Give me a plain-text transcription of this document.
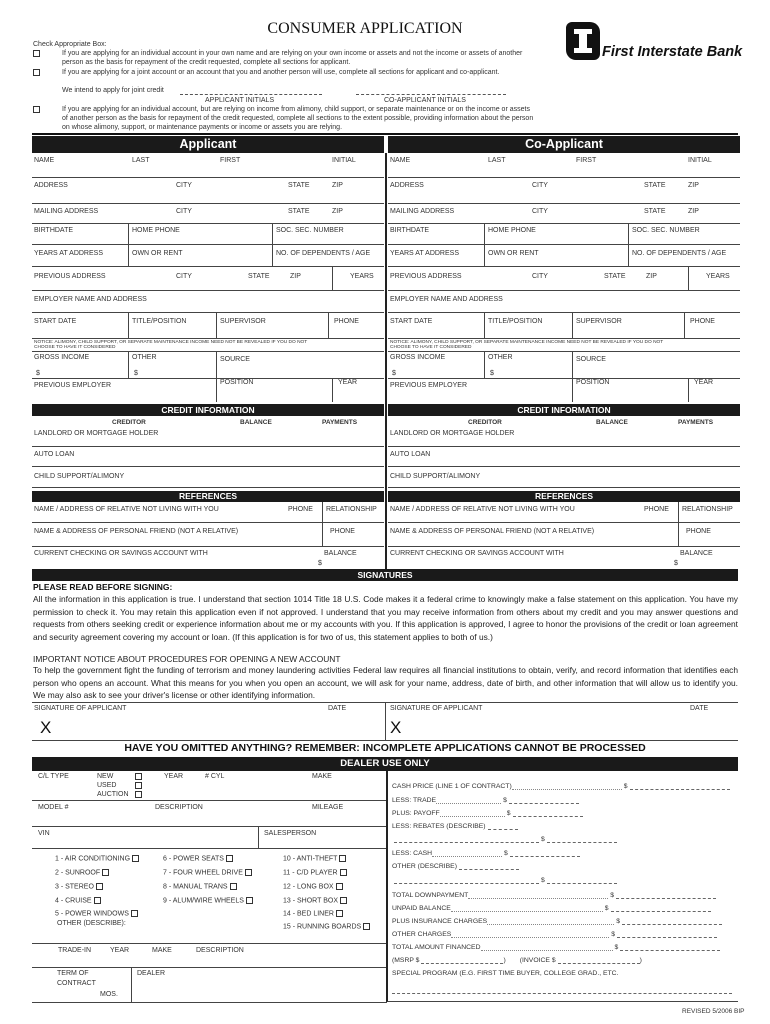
CONSUMER APPLICATION
First Interstate Bank
Check Appropriate Box:
If you are applying for an individual account in your own name and are relying on your own income or assets and not the income or assets of another
person as the basis for repayment of the credit requested, complete all sections for applicant.
If you are applying for a joint account or an account that you and another person will use, complete all sections for applicant and co-applicant.
We intend to apply for joint credit
APPLICANT INITIALS	CO-APPLICANT INITIALS
If you are applying for an individual account, but are relying on income from alimony, child support, or separate maintenance or on the income or assets
of another person as the basis for repayment of the credit requested, complete all sections to the extent possible, providing information about the person
on whose alimony, support, or maintenance payments or income or assets you are relying.
Applicant
NAME	LAST	FIRST	INITIAL
ADDRESS	CITY	STATE	ZIP
MAILING ADDRESS	CITY	STATE	ZIP
BIRTHDATE	HOME PHONE	SOC. SEC. NUMBER
YEARS AT ADDRESS	OWN OR RENT	NO. OF DEPENDENTS / AGE
PREVIOUS ADDRESS	CITY	STATE	ZIP	YEARS
EMPLOYER NAME AND ADDRESS
START DATE	TITLE/POSITION	SUPERVISOR	PHONE
NOTICE: ALIMONY, CHILD SUPPORT, OR SEPARATE MAINTENANCE INCOME NEED NOT BE REVEALED IF YOU DO NOT
CHOOSE TO HAVE IT CONSIDERED
GROSS INCOME	OTHER	SOURCE
$	$
PREVIOUS EMPLOYER	POSITION	YEAR
CREDIT INFORMATION
CREDITOR	BALANCE	PAYMENTS
LANDLORD OR MORTGAGE HOLDER
AUTO LOAN
CHILD SUPPORT/ALIMONY
REFERENCES
NAME / ADDRESS OF RELATIVE NOT LIVING WITH YOU	PHONE RELATIONSHIP
NAME & ADDRESS OF PERSONAL FRIEND (NOT A RELATIVE)	PHONE
CURRENT CHECKING OR SAVINGS ACCOUNT WITH	BALANCE
$
Co-Applicant
NAME	LAST	FIRST	INITIAL
ADDRESS	CITY	STATE	ZIP
MAILING ADDRESS	CITY	STATE	ZIP
BIRTHDATE	HOME PHONE	SOC. SEC. NUMBER
YEARS AT ADDRESS	OWN OR RENT	NO. OF DEPENDENTS / AGE
PREVIOUS ADDRESS	CITY	STATE	ZIP	YEARS
EMPLOYER NAME AND ADDRESS
START DATE	TITLE/POSITION	SUPERVISOR	PHONE
NOTICE: ALIMONY, CHILD SUPPORT, OR SEPARATE MAINTENANCE INCOME NEED NOT BE REVEALED IF YOU DO NOT
CHOOSE TO HAVE IT CONSIDERED
GROSS INCOME	OTHER	SOURCE
$	$
PREVIOUS EMPLOYER	POSITION	YEAR
CREDIT INFORMATION
CREDITOR	BALANCE	PAYMENTS
LANDLORD OR MORTGAGE HOLDER
AUTO LOAN
CHILD SUPPORT/ALIMONY
REFERENCES
NAME / ADDRESS OF RELATIVE NOT LIVING WITH YOU	PHONE RELATIONSHIP
NAME & ADDRESS OF PERSONAL FRIEND (NOT A RELATIVE)	PHONE
CURRENT CHECKING OR SAVINGS ACCOUNT WITH	BALANCE
$
SIGNATURES
PLEASE READ BEFORE SIGNING:
All the information in this application is true. I understand that section 1014 Title 18 U.S. Code makes it a federal crime to knowingly make a false statement on this application. You have my permission to check it. You may retain this application even if not approved. I understand that you may receive information from others about my credit and you may answer questions and requests from others seeking credit or experience information about me or my accounts with you. If this application is approved, I agree to honor the provisions of the credit or loan agreement and security agreement covering my account or loan. (If this application is for two of us, this statement applies to both of us.)
IMPORTANT NOTICE ABOUT PROCEDURES FOR OPENING A NEW ACCOUNT
To help the government fight the funding of terrorism and money laundering activities Federal law requires all financial institutions to obtain, verify, and record information that identifies each person who opens an account. What this means for you when you open an account, we will ask for your name, address, date of birth, and other information that will allow us to identify you. We may also ask to see your driver's license or other identifying information.
SIGNATURE OF APPLICANT	DATE	SIGNATURE OF APPLICANT	DATE
X	X
HAVE YOU OMITTED ANYTHING? REMEMBER: INCOMPLETE APPLICATIONS CANNOT BE PROCESSED
DEALER USE ONLY
C/L TYPE	NEW
USED
AUCTION
YEAR	# CYL	MAKE
MODEL #	DESCRIPTION	MILEAGE
VIN	SALESPERSON
1 - AIR CONDITIONING
2 - SUNROOF
3 - STEREO
4 - CRUISE
5 - POWER WINDOWS
6 - POWER SEATS
7 - FOUR WHEEL DRIVE
8 - MANUAL TRANS
9 - ALUM/WIRE WHEELS
10 - ANTI-THEFT
11 - C/D PLAYER
12 - LONG BOX
13 - SHORT BOX
14 - BED LINER
15 - RUNNING BOARDS
OTHER (DESCRIBE):
TRADE-IN	YEAR	MAKE	DESCRIPTION
TERM OF
CONTRACT
MOS.
DEALER
CASH PRICE (LINE 1 OF CONTRACT)	$
LESS: TRADE	$
PLUS: PAYOFF	$
LESS: REBATES (DESCRIBE)
$
LESS: CASH	$
OTHER (DESCRIBE)
$
TOTAL DOWNPAYMENT	$
UNPAID BALANCE	$
PLUS INSURANCE CHARGES	$
OTHER CHARGES	$
TOTAL AMOUNT FINANCED	$
(MSRP $	) (INVOICE $	)
SPECIAL PROGRAM (E.G. FIRST TIME BUYER, COLLEGE GRAD., ETC.
REVISED 5/2006 BIP
